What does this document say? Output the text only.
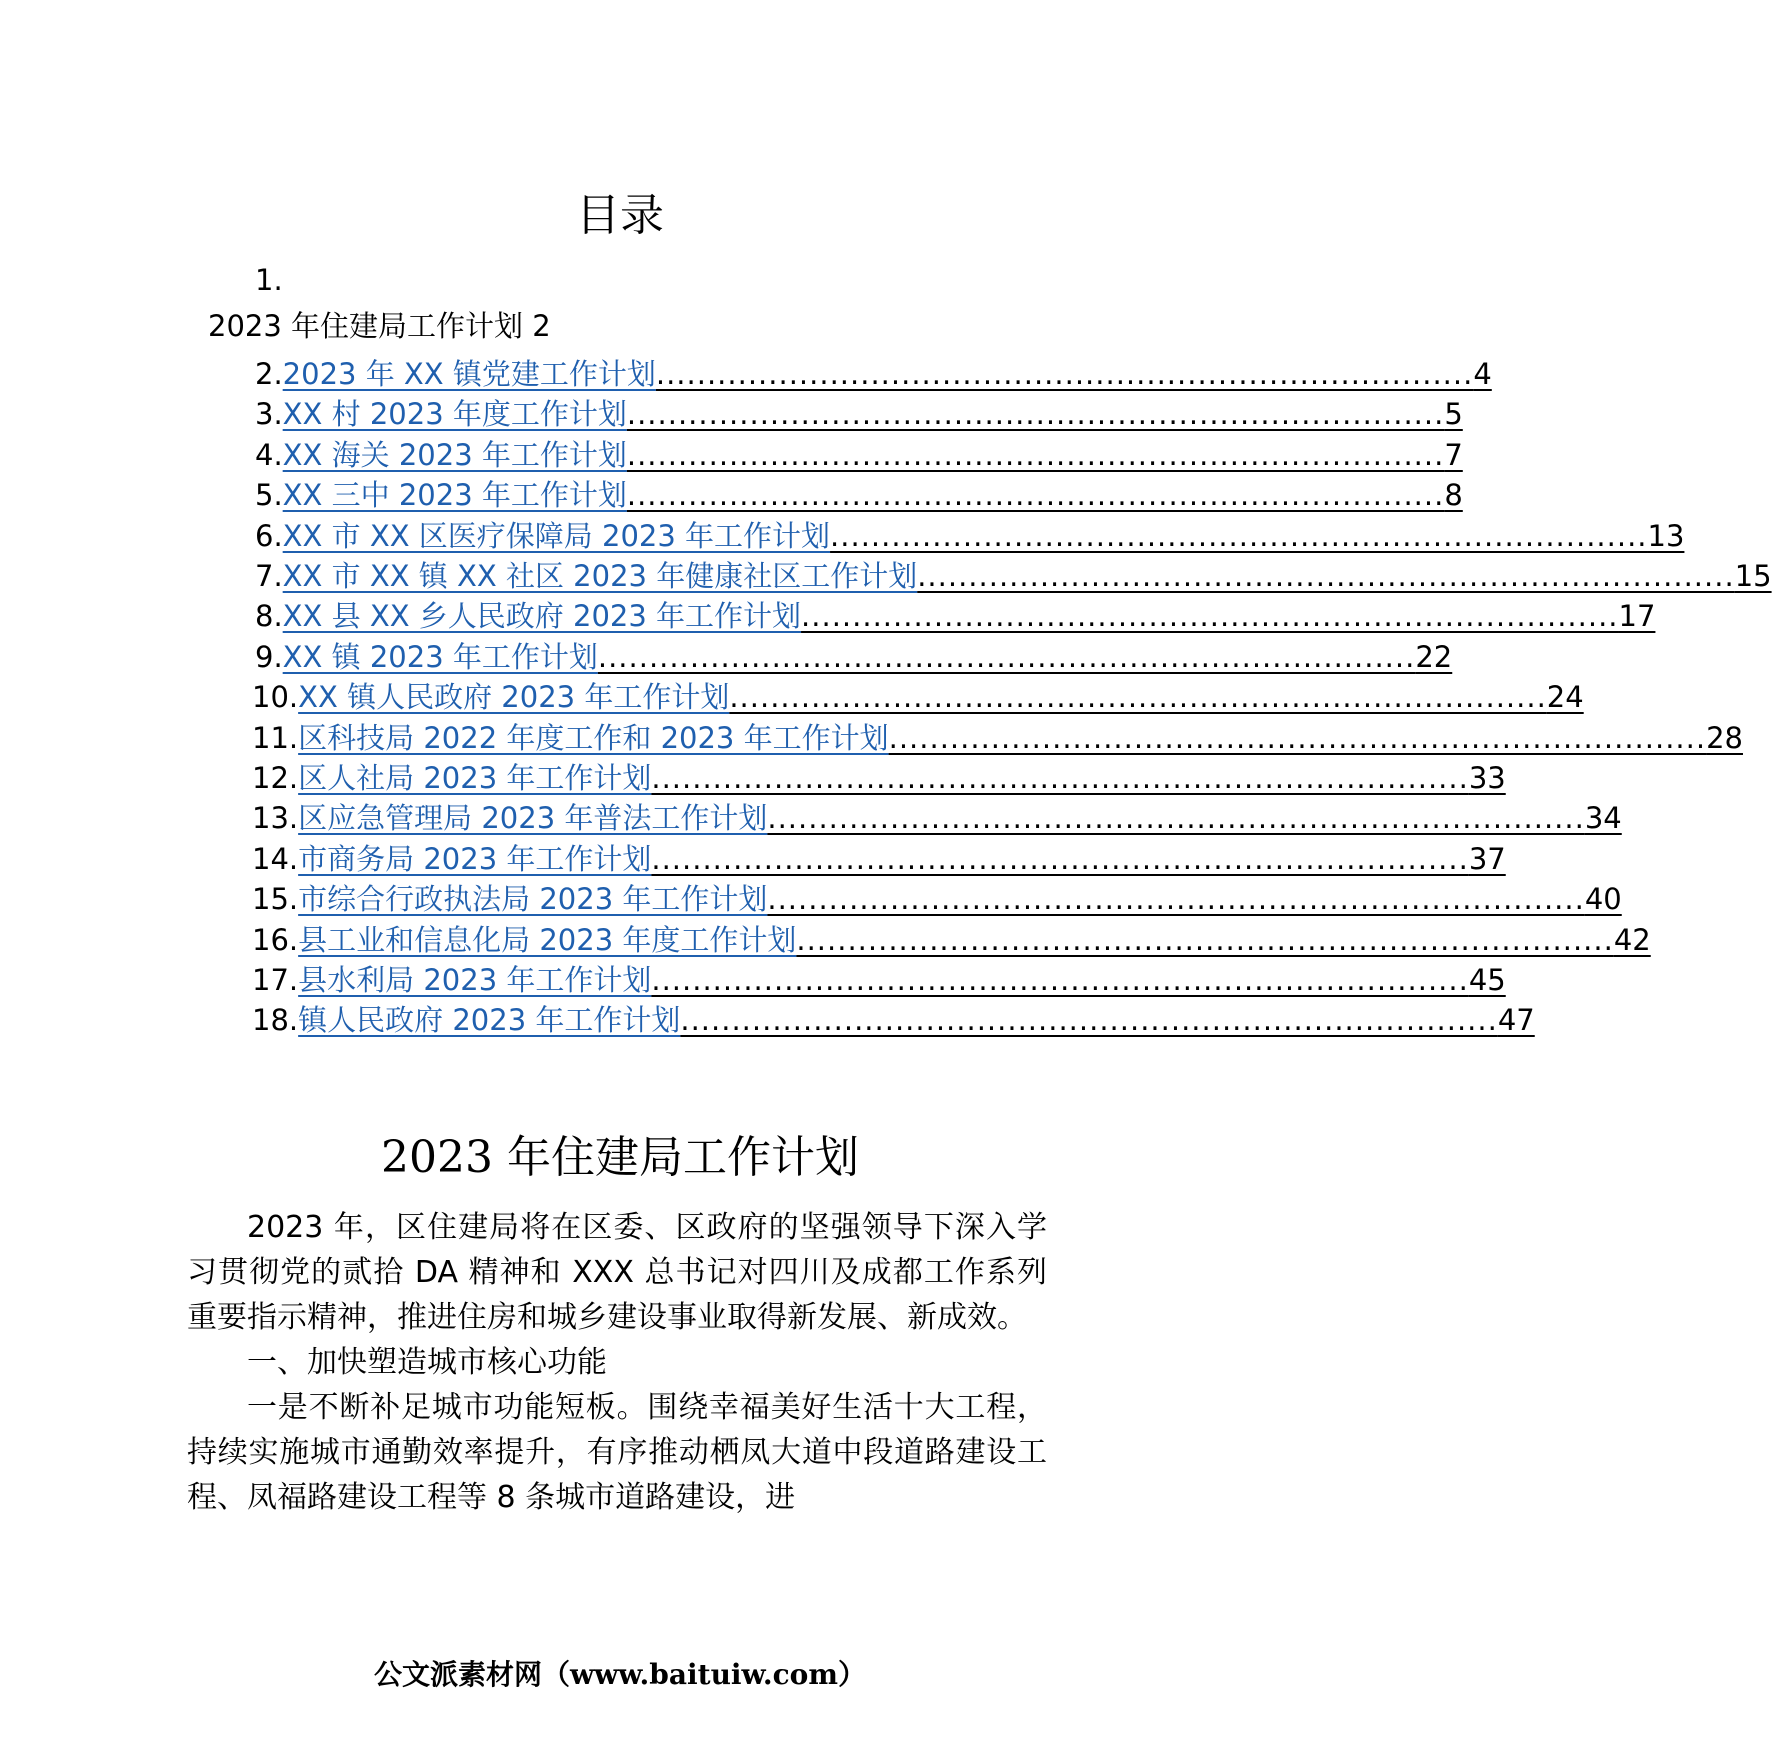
目录
1.
2023 年住建局工作计划 2
2. 2023 年 XX 镇党建工作计划 ................................................................................ 4
3. XX 村 2023 年度工作计划 ................................................................................ 5
4. XX 海关 2023 年工作计划 ................................................................................ 7
5. XX 三中 2023 年工作计划 ................................................................................ 8
6. XX 市 XX 区医疗保障局 2023 年工作计划 ................................................................................ 13
7. XX 市 XX 镇 XX 社区 2023 年健康社区工作计划 ................................................................................ 15
8. XX 县 XX 乡人民政府 2023 年工作计划 ................................................................................ 17
9. XX 镇 2023 年工作计划 ................................................................................ 22
10. XX 镇人民政府 2023 年工作计划 ................................................................................ 24
11. 区科技局 2022 年度工作和 2023 年工作计划 ................................................................................ 28
12. 区人社局 2023 年工作计划 ................................................................................ 33
13. 区应急管理局 2023 年普法工作计划 ................................................................................ 34
14. 市商务局 2023 年工作计划 ................................................................................ 37
15. 市综合行政执法局 2023 年工作计划 ................................................................................ 40
16. 县工业和信息化局 2023 年度工作计划 ................................................................................ 42
17. 县水利局 2023 年工作计划 ................................................................................ 45
18. 镇人民政府 2023 年工作计划 ................................................................................ 47
2023 年住建局工作计划

2023 年，区住建局将在区委、区政府的坚强领导下深入学习贯彻党的贰拾 DA 精神和 XXX 总书记对四川及成都工作系列重要指示精神，推进住房和城乡建设事业取得新发展、新成效。

一、加快塑造城市核心功能

一是不断补足城市功能短板。围绕幸福美好生活十大工程，持续实施城市通勤效率提升，有序推动栖凤大道中段道路建设工程、凤福路建设工程等 8 条城市道路建设，进

公文派素材网（www.baituiw.com）
